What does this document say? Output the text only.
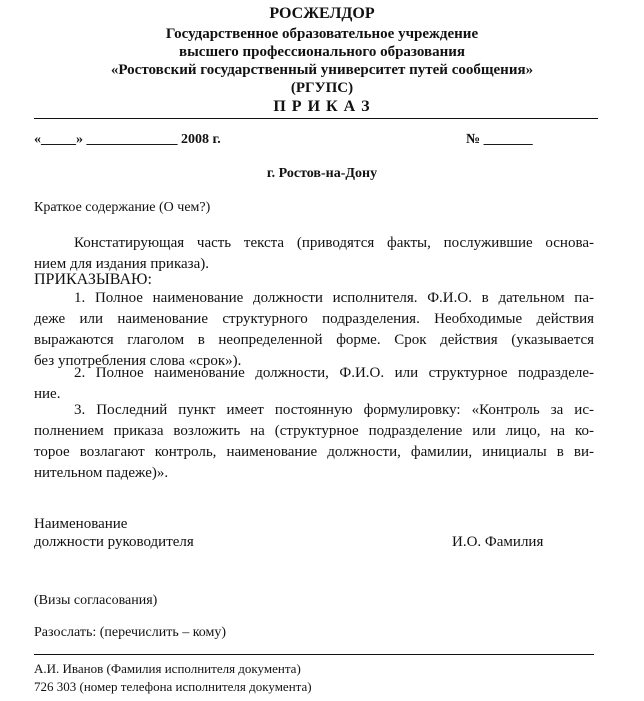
РОСЖЕЛДОР
Государственное образовательное учреждение
высшего профессионального образования
«Ростовский государственный университет путей сообщения»
(РГУПС)
П Р И К А З
«_____» _____________ 2008 г.	№ _______
г. Ростов-на-Дону
Краткое содержание (О чем?)
Констатирующая часть текста (приводятся факты, послужившие основа-
нием для издания приказа).
ПРИКАЗЫВАЮ:
1. Полное наименование должности исполнителя. Ф.И.О. в дательном па-
деже или наименование структурного подразделения. Необходимые действия
выражаются глаголом в неопределенной форме. Срок действия (указывается
без употребления слова «срок»).
2. Полное наименование должности, Ф.И.О. или структурное подразделе-
ние.
3. Последний пункт имеет постоянную формулировку: «Контроль за ис-
полнением приказа возложить на (структурное подразделение или лицо, на ко-
торое возлагают контроль, наименование должности, фамилии, инициалы в ви-
нительном падеже)».
Наименование
должности руководителя	И.О. Фамилия
(Визы согласования)
Разослать: (перечислить – кому)
А.И. Иванов (Фамилия исполнителя документа)
726 303 (номер телефона исполнителя документа)
